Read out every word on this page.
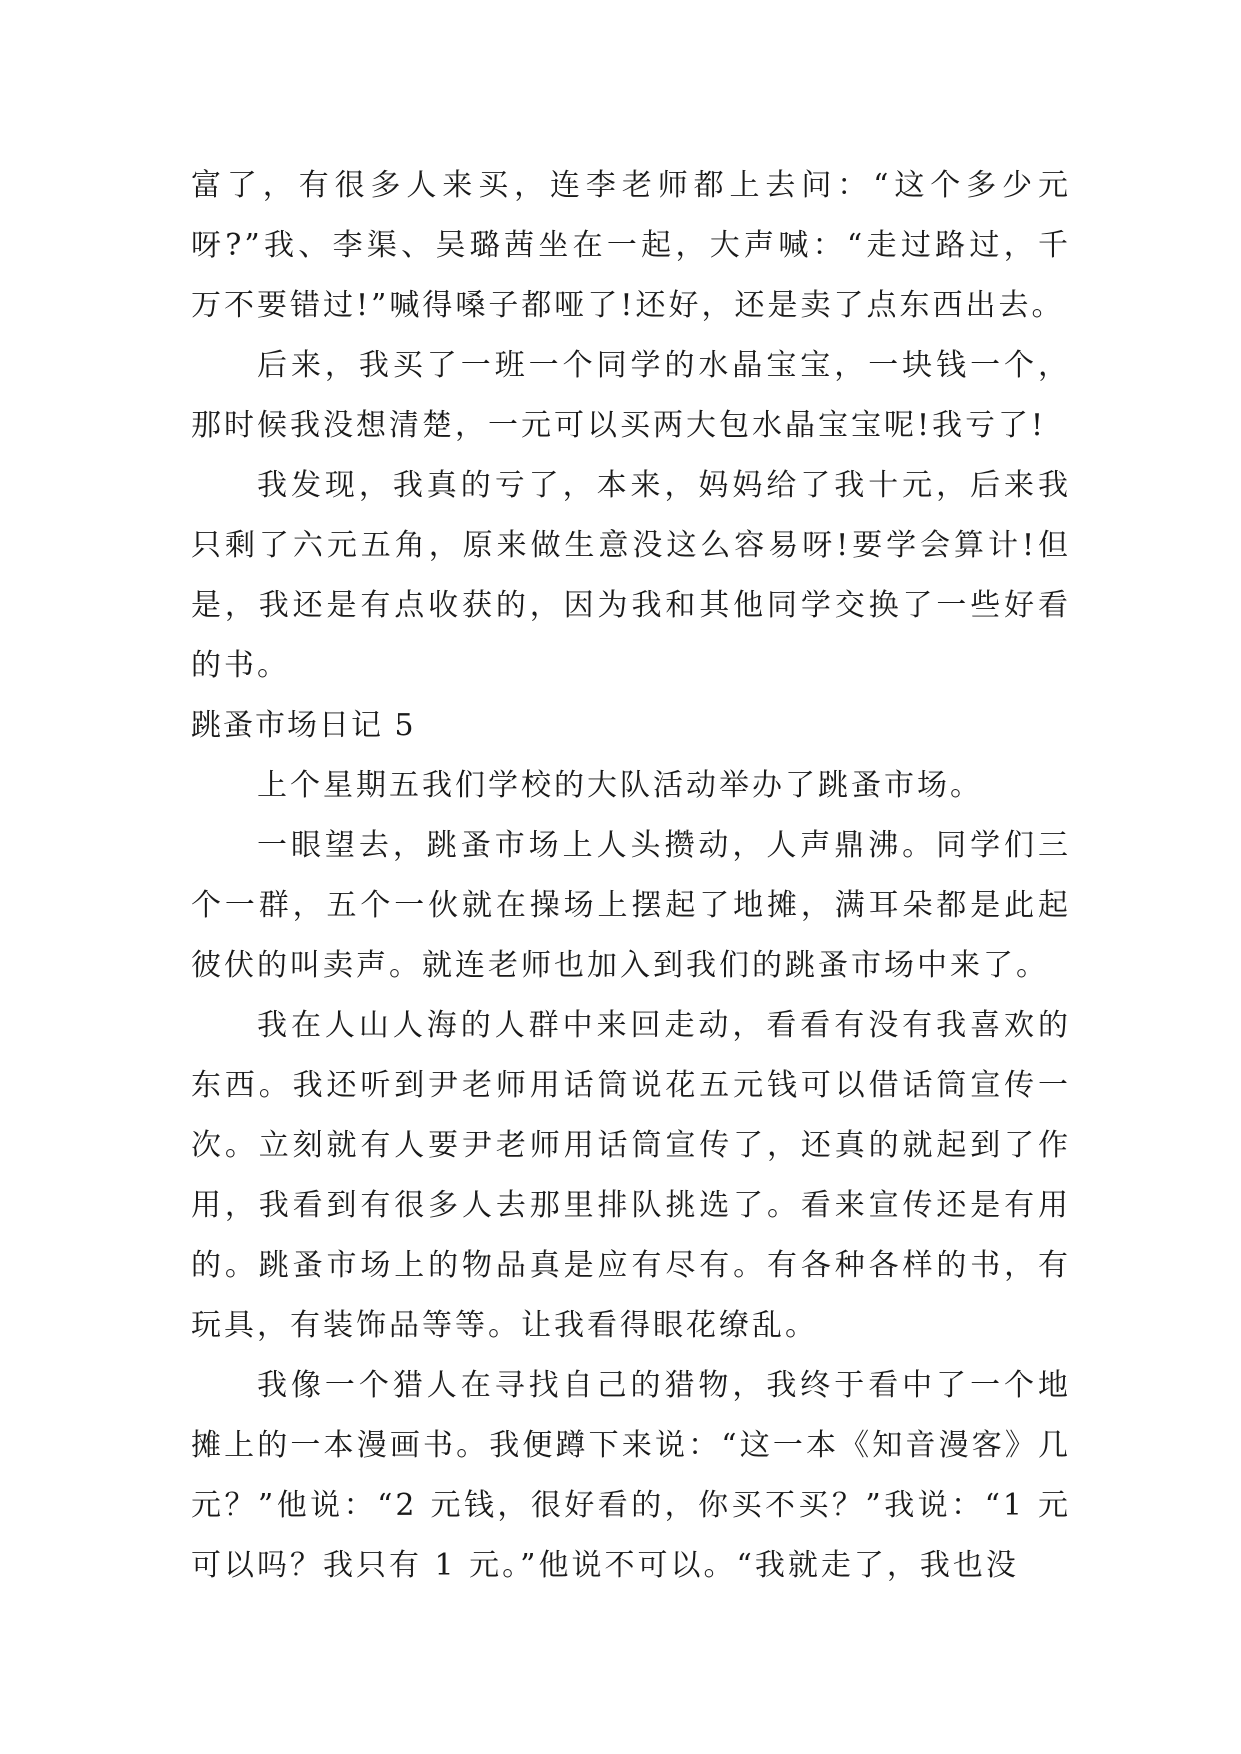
富了，有很多人来买，连李老师都上去问：“这个多少元呀?”我、李渠、吴璐茜坐在一起，大声喊：“走过路过，千万不要错过!”喊得嗓子都哑了!还好，还是卖了点东西出去。

后来，我买了一班一个同学的水晶宝宝，一块钱一个，那时候我没想清楚，一元可以买两大包水晶宝宝呢!我亏了!

我发现，我真的亏了，本来，妈妈给了我十元，后来我只剩了六元五角，原来做生意没这么容易呀!要学会算计!但是，我还是有点收获的，因为我和其他同学交换了一些好看的书。

跳蚤市场日记 5

上个星期五我们学校的大队活动举办了跳蚤市场。

一眼望去，跳蚤市场上人头攒动，人声鼎沸。同学们三个一群，五个一伙就在操场上摆起了地摊，满耳朵都是此起彼伏的叫卖声。就连老师也加入到我们的跳蚤市场中来了。

我在人山人海的人群中来回走动，看看有没有我喜欢的东西。我还听到尹老师用话筒说花五元钱可以借话筒宣传一次。立刻就有人要尹老师用话筒宣传了，还真的就起到了作用，我看到有很多人去那里排队挑选了。看来宣传还是有用的。跳蚤市场上的物品真是应有尽有。有各种各样的书，有玩具，有装饰品等等。让我看得眼花缭乱。

我像一个猎人在寻找自己的猎物，我终于看中了一个地摊上的一本漫画书。我便蹲下来说：“这一本《知音漫客》几元？”他说：“2 元钱，很好看的，你买不买？”我说：“1 元可以吗？我只有 1 元。”他说不可以。“我就走了，我也没
